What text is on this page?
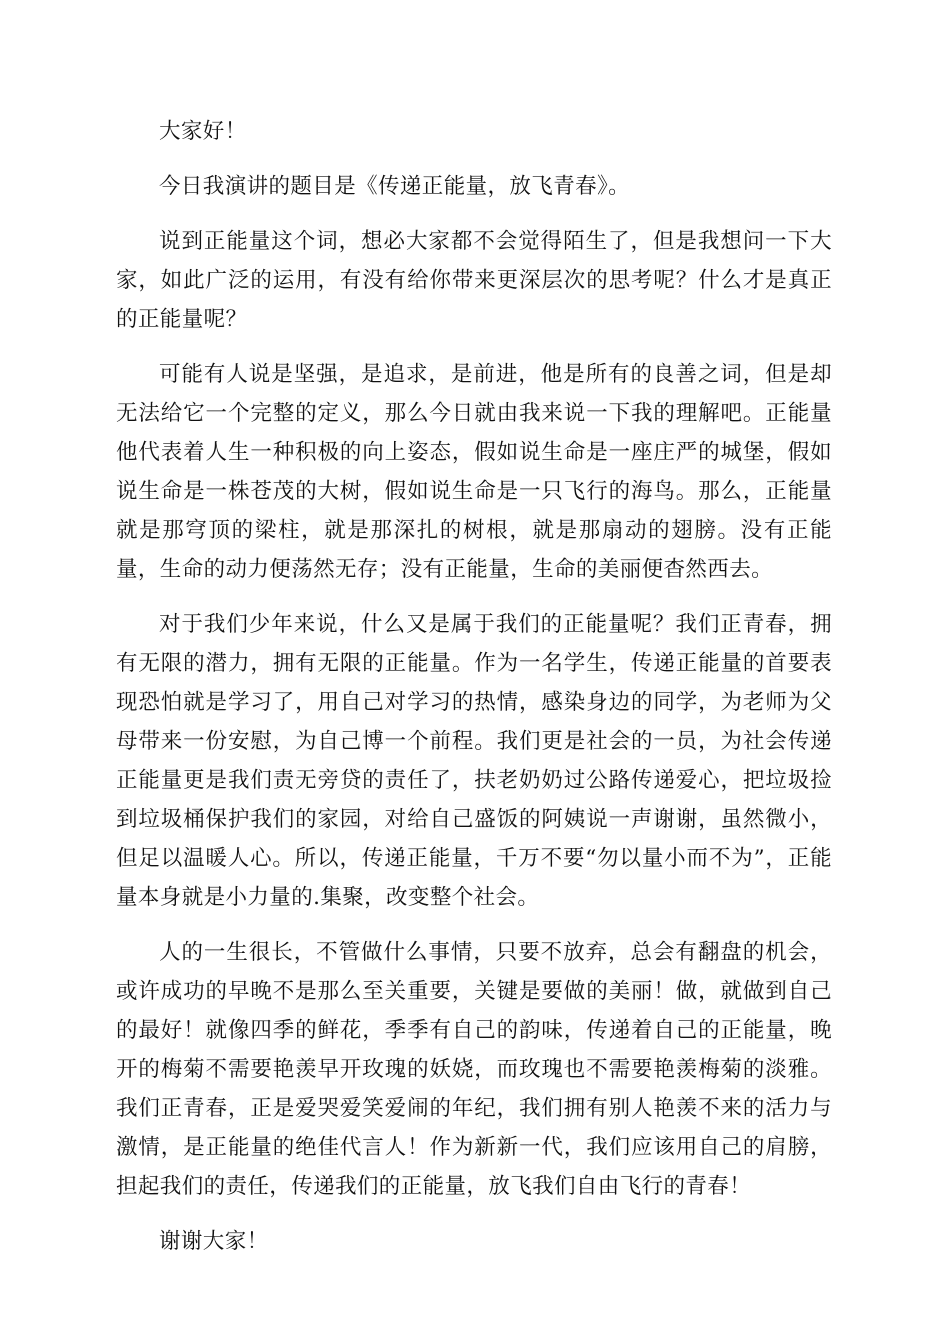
大家好！

今日我演讲的题目是《传递正能量，放飞青春》。

说到正能量这个词，想必大家都不会觉得陌生了，但是我想问一下大家，如此广泛的运用，有没有给你带来更深层次的思考呢？什么才是真正的正能量呢？

可能有人说是坚强，是追求，是前进，他是所有的良善之词，但是却无法给它一个完整的定义，那么今日就由我来说一下我的理解吧。正能量他代表着人生一种积极的向上姿态，假如说生命是一座庄严的城堡，假如说生命是一株苍茂的大树，假如说生命是一只飞行的海鸟。那么，正能量就是那穹顶的梁柱，就是那深扎的树根，就是那扇动的翅膀。没有正能量，生命的动力便荡然无存；没有正能量，生命的美丽便杳然西去。

对于我们少年来说，什么又是属于我们的正能量呢？我们正青春，拥有无限的潜力，拥有无限的正能量。作为一名学生，传递正能量的首要表现恐怕就是学习了，用自己对学习的热情，感染身边的同学，为老师为父母带来一份安慰，为自己博一个前程。我们更是社会的一员，为社会传递正能量更是我们责无旁贷的责任了，扶老奶奶过公路传递爱心，把垃圾捡到垃圾桶保护我们的家园，对给自己盛饭的阿姨说一声谢谢，虽然微小，但足以温暖人心。所以，传递正能量，千万不要“勿以量小而不为”，正能量本身就是小力量的.集聚，改变整个社会。

人的一生很长，不管做什么事情，只要不放弃，总会有翻盘的机会，或许成功的早晚不是那么至关重要，关键是要做的美丽！做，就做到自己的最好！就像四季的鲜花，季季有自己的韵味，传递着自己的正能量，晚开的梅菊不需要艳羡早开玫瑰的妖娆，而玫瑰也不需要艳羡梅菊的淡雅。我们正青春，正是爱哭爱笑爱闹的年纪，我们拥有别人艳羡不来的活力与激情，是正能量的绝佳代言人！作为新新一代，我们应该用自己的肩膀，担起我们的责任，传递我们的正能量，放飞我们自由飞行的青春！

谢谢大家！
